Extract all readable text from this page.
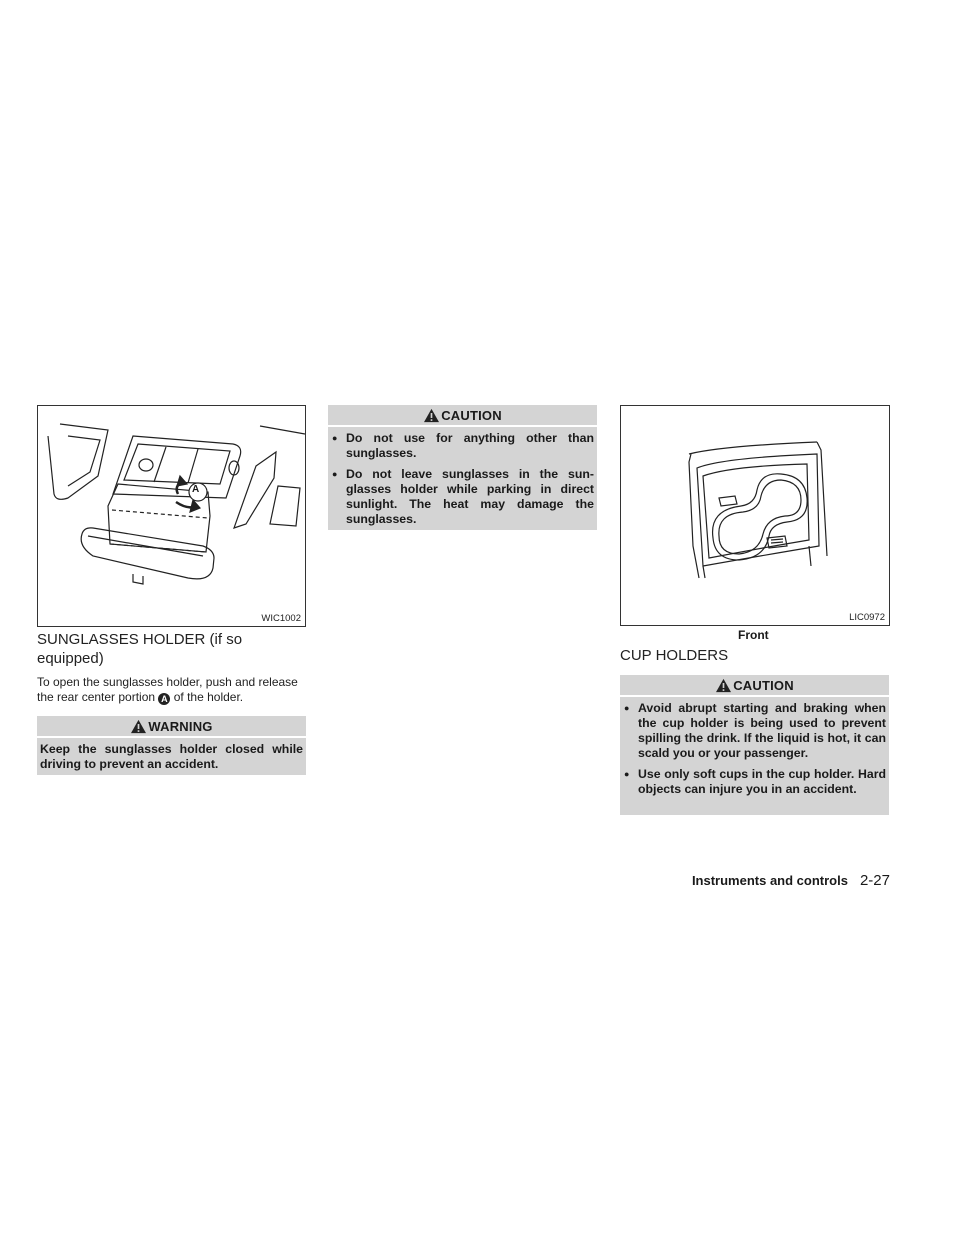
A
WIC1002
SUNGLASSES HOLDER (if so equipped)
To open the sunglasses holder, push and release the rear center portion A of the holder.
WARNING
Keep the sunglasses holder closed while driving to prevent an accident.
CAUTION
● Do not use for anything other than sunglasses.
● Do not leave sunglasses in the sun-glasses holder while parking in direct sunlight. The heat may damage the sunglasses.
LIC0972
Front
CUP HOLDERS
CAUTION
● Avoid abrupt starting and braking when the cup holder is being used to prevent spilling the drink. If the liquid is hot, it can scald you or your passenger.
● Use only soft cups in the cup holder. Hard objects can injure you in an accident.
Instruments and controls 2-27
